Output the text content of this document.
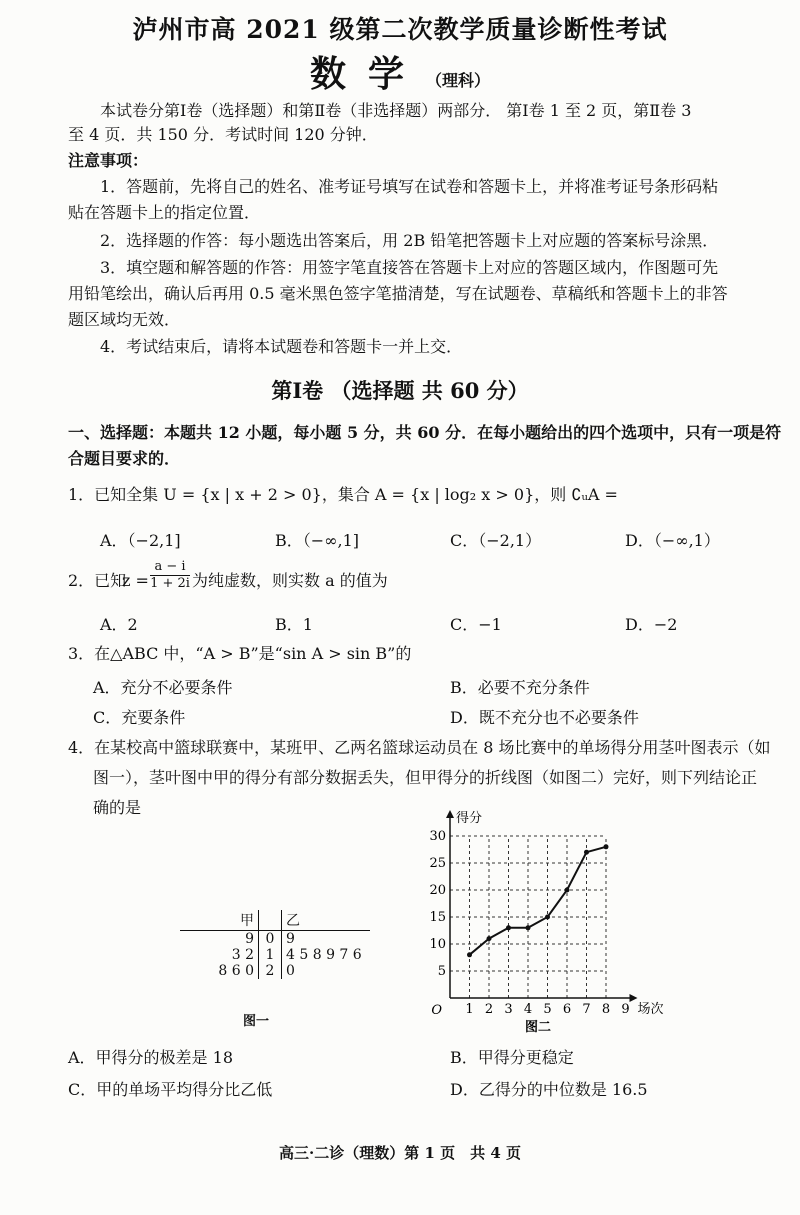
泸州市高 2021 级第二次教学质量诊断性考试
数学（理科）
本试卷分第Ⅰ卷（选择题）和第Ⅱ卷（非选择题）两部分． 第Ⅰ卷 1 至 2 页，第Ⅱ卷 3
至 4 页．共 150 分．考试时间 120 分钟．
注意事项：
1．答题前，先将自己的姓名、准考证号填写在试卷和答题卡上，并将准考证号条形码粘
贴在答题卡上的指定位置．
2．选择题的作答：每小题选出答案后，用 2B 铅笔把答题卡上对应题的答案标号涂黑．
3．填空题和解答题的作答：用签字笔直接答在答题卡上对应的答题区域内，作图题可先
用铅笔绘出，确认后再用 0.5 毫米黑色签字笔描清楚，写在试题卷、草稿纸和答题卡上的非答
题区域均无效．
4．考试结束后，请将本试题卷和答题卡一并上交．
第Ⅰ卷 （选择题 共 60 分）
一、选择题：本题共 12 小题，每小题 5 分，共 60 分．在每小题给出的四个选项中，只有一项是符
合题目要求的．
1．已知全集 U = {x | x + 2 > 0}，集合 A = {x | log₂ x > 0}，则 ∁ᵤA =
A．（−2,1]	B．（−∞,1]	C．（−2,1）	D．（−∞,1）
2．已知
$z = \frac{a - i}{1 + 2i}$ 为纯虚数，则实数 a 的值为
A．2	B．1	C．−1	D．−2
3．在△ABC 中，“A > B”是“sin A > sin B”的
A．充分不必要条件	B．必要不充分条件
C．充要条件	D．既不充分也不必要条件
4．在某校高中篮球联赛中，某班甲、乙两名篮球运动员在 8 场比赛中的单场得分用茎叶图表示（如
图一），茎叶图中甲的得分有部分数据丢失，但甲得分的折线图（如图二）完好，则下列结论正
确的是
甲		乙
9	0	9
3 2	1	4 5 8 9 7 6
8 6 0	2	0
图一
1 2 3 4 5 6 7 8 9
5
10
15
20
25
30
O
得分
场次
图二
A．甲得分的极差是 18	B．甲得分更稳定
C．甲的单场平均得分比乙低	D．乙得分的中位数是 16.5
高三·二诊（理数）第 1 页　共 4 页
